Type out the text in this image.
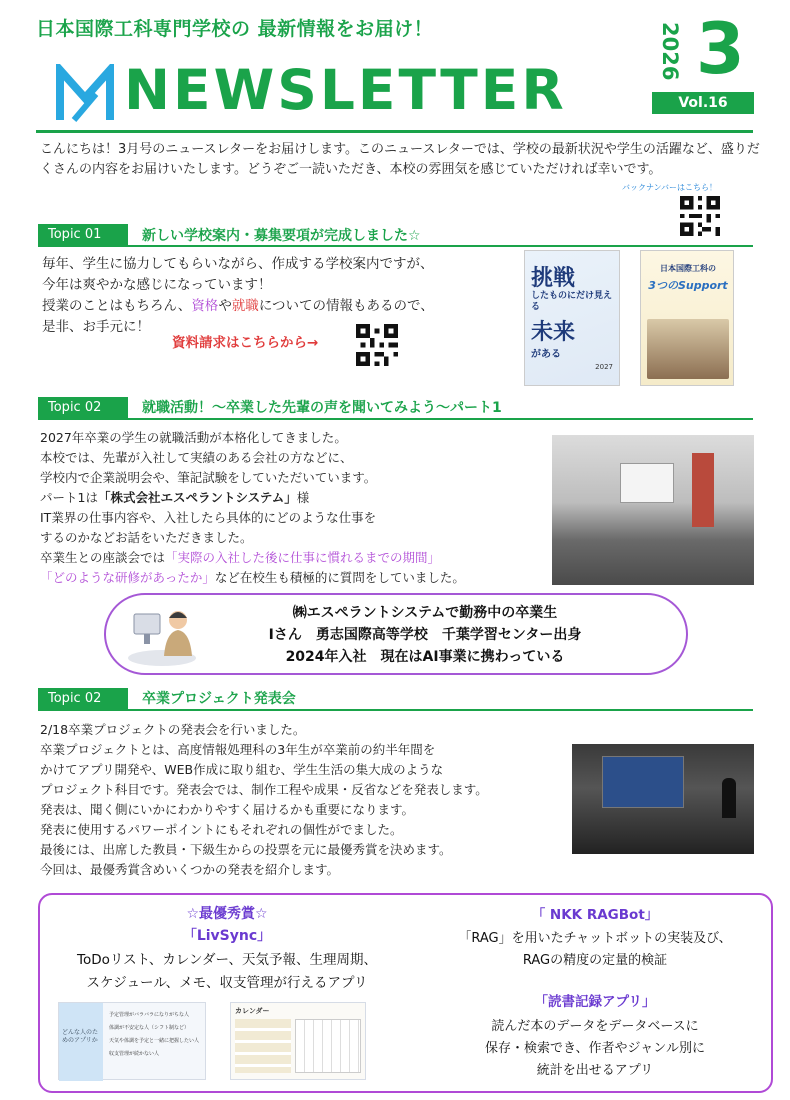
日本国際工科専門学校の 最新情報をお届け！
NEWSLETTER
2026 3
Vol.16
こんにちは！3月号のニュースレターをお届けします。このニュースレターでは、学校の最新状況や学生の活躍など、盛りだくさんの内容をお届けいたします。どうぞご一読いただき、本校の雰囲気を感じていただければ幸いです。
バックナンバーはこちら！
Topic 01	新しい学校案内・募集要項が完成しました☆
毎年、学生に協力してもらいながら、作成する学校案内ですが、
今年は爽やかな感じになっています！
授業のことはもちろん、資格や就職についての情報もあるので、
是非、お手元に！
資料請求はこちらから→
挑戦
したものにだけ見える
未来
がある
2027
日本国際工科の
3つのSupport
Topic 02	就職活動！～卒業した先輩の声を聞いてみよう～パート1
2027年卒業の学生の就職活動が本格化してきました。
本校では、先輩が入社して実績のある会社の方などに、
学校内で企業説明会や、筆記試験をしていただいています。
パート1は「株式会社エスペラントシステム」様
IT業界の仕事内容や、入社したら具体的にどのような仕事を
するのかなどお話をいただきました。
卒業生との座談会では「実際の入社した後に仕事に慣れるまでの期間」
「どのような研修があったか」など在校生も積極的に質問をしていました。
㈱エスペラントシステムで勤務中の卒業生
Iさん　勇志国際高等学校　千葉学習センター出身
2024年入社　現在はAI事業に携わっている
Topic 02	卒業プロジェクト発表会
2/18卒業プロジェクトの発表会を行いました。
卒業プロジェクトとは、高度情報処理科の3年生が卒業前の約半年間を
かけてアプリ開発や、WEB作成に取り組む、学生生活の集大成のような
プロジェクト科目です。発表会では、制作工程や成果・反省などを発表します。
発表は、聞く側にいかにわかりやすく届けるかも重要になります。
発表に使用するパワーポイントにもそれぞれの個性がでました。
最後には、出席した教員・下級生からの投票を元に最優秀賞を決めます。
今回は、最優秀賞含めいくつかの発表を紹介します。
☆最優秀賞☆
「LivSync」
ToDoリスト、カレンダー、天気予報、生理周期、
スケジュール、メモ、収支管理が行えるアプリ
どんな人のためのアプリか
予定管理がバラバラになりがちな人
体調が不安定な人（シフト制など）
天気や体調を予定と一緒に把握したい人
収支管理が続かない人
カレンダー
「 NKK RAGBot」
「RAG」を用いたチャットボットの実装及び、
RAGの精度の定量的検証
「読書記録アプリ」
読んだ本のデータをデータベースに
保存・検索でき、作者やジャンル別に
統計を出せるアプリ
